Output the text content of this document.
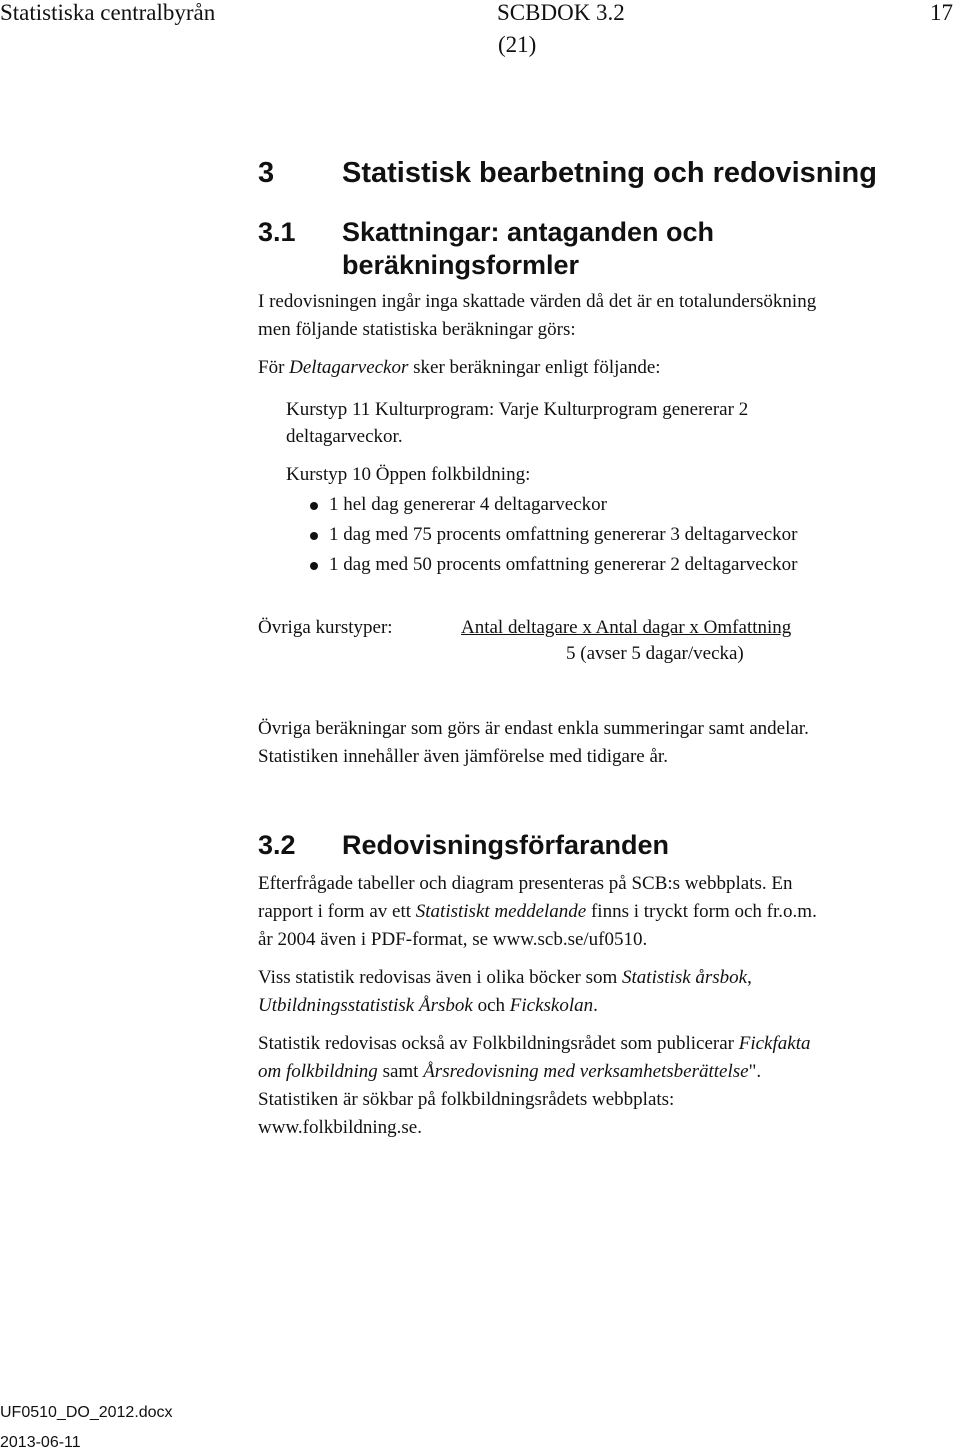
Statistiska centralbyrån	SCBDOK 3.2
(21)
17
3 Statistisk bearbetning och redovisning
3.1 Skattningar: antaganden och
beräkningsformler
I redovisningen ingår inga skattade värden då det är en totalundersökning
men följande statistiska beräkningar görs:
För Deltagarveckor sker beräkningar enligt följande:
Kurstyp 11 Kulturprogram: Varje Kulturprogram genererar 2
deltagarveckor.
Kurstyp 10 Öppen folkbildning:
1 hel dag genererar 4 deltagarveckor
1 dag med 75 procents omfattning genererar 3 deltagarveckor
1 dag med 50 procents omfattning genererar 2 deltagarveckor
Övriga kurstyper:	Antal deltagare x Antal dagar x Omfattning
5 (avser 5 dagar/vecka)
Övriga beräkningar som görs är endast enkla summeringar samt andelar.
Statistiken innehåller även jämförelse med tidigare år.
3.2 Redovisningsförfaranden
Efterfrågade tabeller och diagram presenteras på SCB:s webbplats. En
rapport i form av ett Statistiskt meddelande finns i tryckt form och fr.o.m.
år 2004 även i PDF-format, se www.scb.se/uf0510.
Viss statistik redovisas även i olika böcker som Statistisk årsbok,
Utbildningsstatistisk Årsbok och Fickskolan.
Statistik redovisas också av Folkbildningsrådet som publicerar Fickfakta
om folkbildning samt Årsredovisning med verksamhetsberättelse".
Statistiken är sökbar på folkbildningsrådets webbplats:
www.folkbildning.se.
UF0510_DO_2012.docx
2013-06-11
